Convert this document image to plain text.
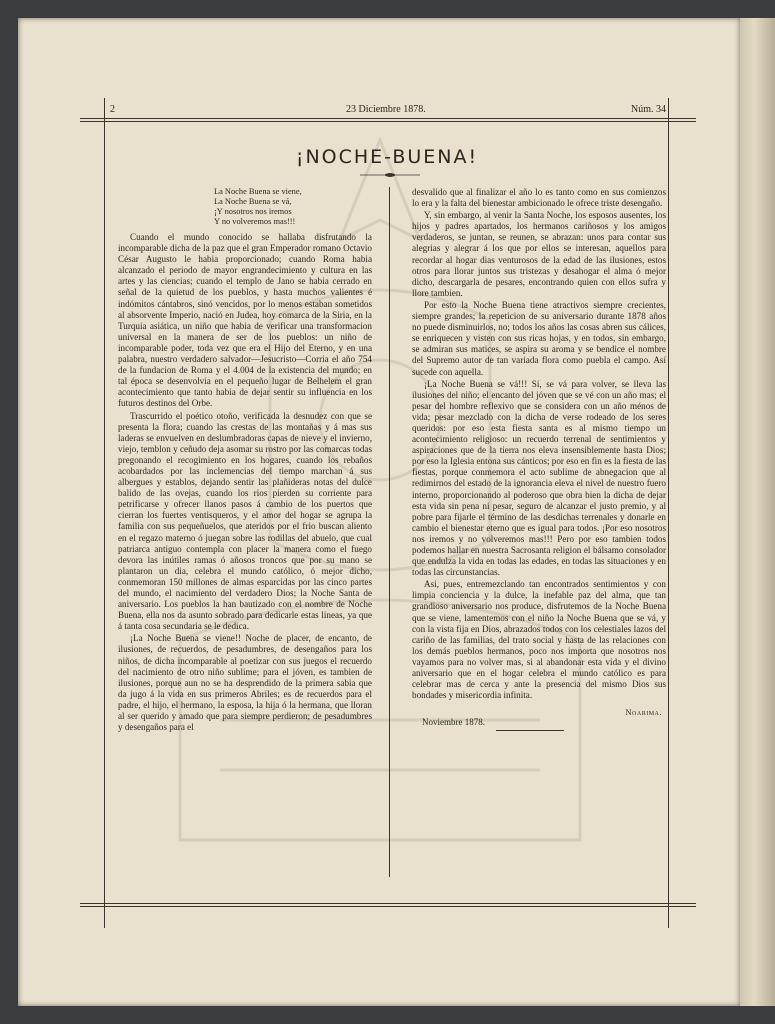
2	23 Diciembre 1878.	Núm. 34
¡NOCHE-BUENA!
La Noche Buena se viene,
La Noche Buena se vá,
¡Y nosotros nos iremos
Y no volveremos mas!!!

Cuando el mundo conocido se hallaba disfrutando la incomparable dicha de la paz que el gran Emperador romano Octavio César Augusto le habia proporcionado; cuando Roma habia alcanzado el periodo de mayor engrandecimiento y cultura en las artes y las ciencias; cuando el templo de Jano se habia cerrado en señal de la quietud de los pueblos, y hasta muchos valientes é indómitos cántabros, sinó vencidos, por lo menos estaban sometidos al absorvente Imperio, nació en Judea, hoy comarca de la Siria, en la Turquía asiática, un niño que habia de verificar una transformacion universal en la manera de ser de los pueblos: un niño de incomparable poder, toda vez que era el Hijo del Eterno, y en una palabra, nuestro verdadero salvador—Jesucristo—Corria el año 754 de la fundacion de Roma y el 4.004 de la existencia del mundo; en tal época se desenvolvia en el pequeño lugar de Belhelem el gran acontecimiento que tanto habia de dejar sentir su influencia en los futuros destinos del Orbe.

Trascurrido el poético otoño, verificada la desnudez con que se presenta la flora; cuando las crestas de las montañas y á mas sus laderas se envuelven en deslumbradoras capas de nieve y el invierno, viejo, temblon y ceñudo deja asomar su rostro por las comarcas todas pregonando el recogimiento en los hogares, cuando los rebaños acobardados por las inclemencias del tiempo marchan á sus albergues y establos, dejando sentir las plañideras notas del dulce balido de las ovejas, cuando los rios pierden su corriente para petrificarse y ofrecer llanos pasos á cambio de los puertos que cierran los fuertes ventisqueros, y el amor del hogar se agrupa la familia con sus pequeñuelos, que ateridos por el frio buscan aliento en el regazo materno ó juegan sobre las rodillas del abuelo, que cual patriarca antiguo contempla con placer la manera como el fuego devora las inútiles ramas ó añosos troncos que por su mano se plantaron un dia, celebra el mundo católico, ó mejor dicho, conmemoran 150 millones de almas esparcidas por las cinco partes del mundo, el nacimiento del verdadero Dios; la Noche Santa de aniversario. Los pueblos la han bautizado con el nombre de Noche Buena, ella nos da asunto sobrado para dedicarle estas lineas, ya que á tanta cosa secundaria se le dedica.

¡La Noche Buena se viene!! Noche de placer, de encanto, de ilusiones, de recuerdos, de pesadumbres, de desengaños para los niños, de dicha incomparable al poetizar con sus juegos el recuerdo del nacimiento de otro niño sublime; para el jóven, es tambien de ilusiones, porque aun no se ha desprendido de la primera sabia que da jugo á la vida en sus primeros Abriles; es de recuerdos para el padre, el hijo, el hermano, la esposa, la hija ó la hermana, que lloran al ser querido y amado que para siempre perdieron; de pesadumbres y desengaños para el

desvalido que al finalizar el año lo es tanto como en sus comienzos lo era y la falta del bienestar ambicionado le ofrece triste desengaño.

Y, sin embargo, al venir la Santa Noche, los esposos ausentes, los hijos y padres apartados, los hermanos cariñosos y los amigos verdaderos, se juntan, se reunen, se abrazan: unos para contar sus alegrias y alegrar á los que por ellos se interesan, aquellos para recordar al hogar dias venturosos de la edad de las ilusiones, estos otros para llorar juntos sus tristezas y desahogar el alma ó mejor dicho, descargarla de pesares, encontrando quien con ellos sufra y llore tambien.

Por esto la Noche Buena tiene atractivos siempre crecientes, siempre grandes; la repeticion de su aniversario durante 1878 años no puede disminuirlos, no; todos los años las cosas abren sus cálices, se enriquecen y visten con sus ricas hojas, y en todos, sin embargo, se admiran sus matices, se aspira su aroma y se bendice el nombre del Supremo autor de tan variada flora como puebla el campo. Así sucede con aquella.

¡La Noche Buena se vá!!! Sí, se vá para volver, se lleva las ilusiones del niño; el encanto del jóven que se vé con un año mas; el pesar del hombre reflexivo que se considera con un año ménos de vida; pesar mezclado con la dicha de verse rodeado de los seres queridos: por eso esta fiesta santa es al mismo tiempo un acontecimiento religioso: un recuerdo terrenal de sentimientos y aspiraciones que de la tierra nos eleva insensiblemente hasta Dios; por eso la Iglesia entona sus cánticos; por eso en fin es la fiesta de las fiestas, porque conmemora el acto sublime de abnegacion que al redimirnos del estado de la ignorancia eleva el nivel de nuestro fuero interno, proporcionando al poderoso que obra bien la dicha de dejar esta vida sin pena ni pesar, seguro de alcanzar el justo premio, y al pobre para fijarle el término de las desdichas terrenales y donarle en cambio el bienestar eterno que es igual para todos. ¡Por eso nosotros nos iremos y no volveremos mas!!! Pero por eso tambien todos podemos hallar en nuestra Sacrosanta religion el bálsamo consolador que endulza la vida en todas las edades, en todas las situaciones y en todas las circunstancias.

Asi, pues, entremezclando tan encontrados sentimientos y con limpia conciencia y la dulce, la inefable paz del alma, que tan grandioso aniversario nos produce, disfrutemos de la Noche Buena que se viene, lamentemos con el niño la Noche Buena que se vá, y con la vista fija en Dios, abrazados todos con los celestiales lazos del cariño de las familias, del trato social y hasta de las relaciones con los demás pueblos hermanos, poco nos importa que nosotros nos vayamos para no volver mas, si al abandonar esta vida y el divino aniversario que en el hogar celebra el mundo católico es para celebrar mas de cerca y ante la presencia del mismo Dios sus bondades y misericordia infinita.

Noviembre 1878.
Noarima.
